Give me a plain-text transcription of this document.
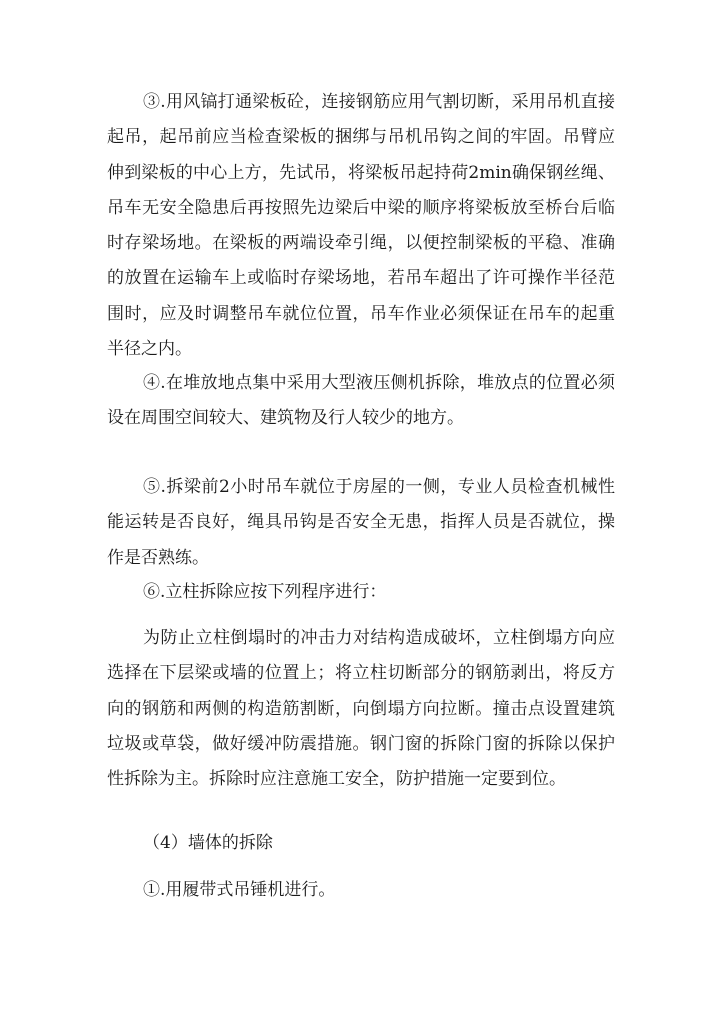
③.用风镐打通梁板砼，连接钢筋应用气割切断，采用吊机直接起吊，起吊前应当检查梁板的捆绑与吊机吊钩之间的牢固。吊臂应伸到梁板的中心上方，先试吊，将梁板吊起持荷2min确保钢丝绳、吊车无安全隐患后再按照先边梁后中梁的顺序将梁板放至桥台后临时存梁场地。在梁板的两端设牵引绳，以便控制梁板的平稳、准确的放置在运输车上或临时存梁场地，若吊车超出了许可操作半径范围时，应及时调整吊车就位位置，吊车作业必须保证在吊车的起重半径之内。

④.在堆放地点集中采用大型液压侧机拆除，堆放点的位置必须设在周围空间较大、建筑物及行人较少的地方。

⑤.拆梁前2小时吊车就位于房屋的一侧，专业人员检查机械性能运转是否良好，绳具吊钩是否安全无患，指挥人员是否就位，操作是否熟练。

⑥.立柱拆除应按下列程序进行：

为防止立柱倒塌时的冲击力对结构造成破坏，立柱倒塌方向应选择在下层梁或墙的位置上；将立柱切断部分的钢筋剥出，将反方向的钢筋和两侧的构造筋割断，向倒塌方向拉断。撞击点设置建筑垃圾或草袋，做好缓冲防震措施。钢门窗的拆除门窗的拆除以保护性拆除为主。拆除时应注意施工安全，防护措施一定要到位。

（4）墙体的拆除

①.用履带式吊锤机进行。
